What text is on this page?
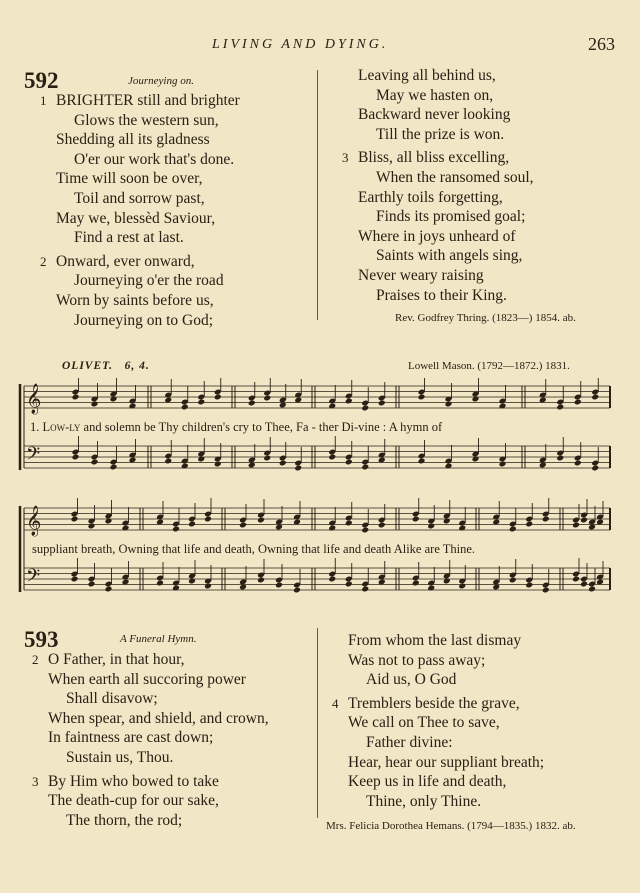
LIVING AND DYING.	263
592	Journeying on.
1 BRIGHTER still and brighter
Glows the western sun,
Shedding all its gladness
O'er our work that's done.
Time will soon be over,
Toil and sorrow past,
May we, blessèd Saviour,
Find a rest at last.
2 Onward, ever onward,
Journeying o'er the road
Worn by saints before us,
Journeying on to God;
Leaving all behind us,
May we hasten on,
Backward never looking
Till the prize is won.
3 Bliss, all bliss excelling,
When the ransomed soul,
Earthly toils forgetting,
Finds its promised goal;
Where in joys unheard of
Saints with angels sing,
Never weary raising
Praises to their King.
Rev. Godfrey Thring. (1823—) 1854. ab.
OLIVET. 6, 4.	Lowell Mason. (1792—1872.) 1831.
𝄞
𝄢
𝄞
𝄢
1. Low-ly and solemn be Thy children's cry to Thee, Fa - ther Di-vine : A hymn of
suppliant breath, Owning that life and death, Owning that life and death Alike are Thine.
593	A Funeral Hymn.
2 O Father, in that hour,
When earth all succoring power
Shall disavow;
When spear, and shield, and crown,
In faintness are cast down;
Sustain us, Thou.
3 By Him who bowed to take
The death-cup for our sake,
The thorn, the rod;
From whom the last dismay
Was not to pass away;
Aid us, O God
4 Tremblers beside the grave,
We call on Thee to save,
Father divine:
Hear, hear our suppliant breath;
Keep us in life and death,
Thine, only Thine.
Mrs. Felicia Dorothea Hemans. (1794—1835.) 1832. ab.
